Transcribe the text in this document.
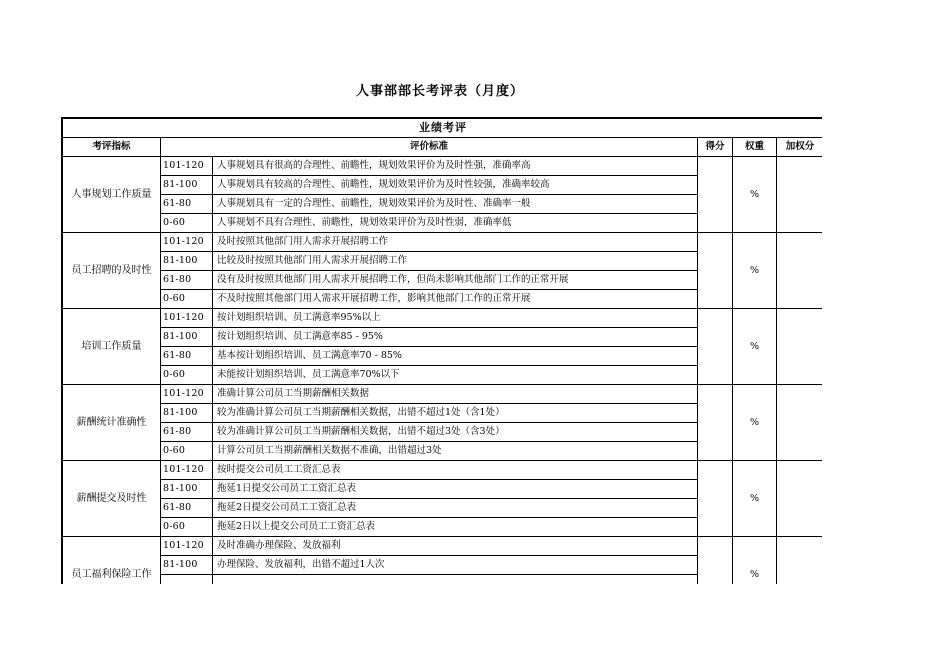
人事部部长考评表（月度）
业绩考评					
考评指标	评价标准		得分	权重	加权分
人事规划工作质量	101-120	人事规划具有很高的合理性、前瞻性，规划效果评价为及时性强，准确率高		%	
	81-100	人事规划具有较高的合理性、前瞻性，规划效果评价为及时性较强，准确率较高			
	61-80	人事规划具有一定的合理性、前瞻性，规划效果评价为及时性、准确率一般			
	0-60	人事规划不具有合理性、前瞻性，规划效果评价为及时性弱，准确率低			
员工招聘的及时性	101-120	及时按照其他部门用人需求开展招聘工作		%	
	81-100	比较及时按照其他部门用人需求开展招聘工作			
	61-80	没有及时按照其他部门用人需求开展招聘工作，但尚未影响其他部门工作的正常开展			
	0-60	不及时按照其他部门用人需求开展招聘工作，影响其他部门工作的正常开展			
培训工作质量	101-120	按计划组织培训、员工满意率95%以上		%	
	81-100	按计划组织培训、员工满意率85 - 95%			
	61-80	基本按计划组织培训、员工满意率70 - 85%			
	0-60	未能按计划组织培训、员工满意率70%以下			
薪酬统计准确性	101-120	准确计算公司员工当期薪酬相关数据		%	
	81-100	较为准确计算公司员工当期薪酬相关数据，出错不超过1处（含1处）			
	61-80	较为准确计算公司员工当期薪酬相关数据，出错不超过3处（含3处）			
	0-60	计算公司员工当期薪酬相关数据不准确，出错超过3处			
薪酬提交及时性	101-120	按时提交公司员工工资汇总表		%	
	81-100	拖延1日提交公司员工工资汇总表			
	61-80	拖延2日提交公司员工工资汇总表			
	0-60	拖延2日以上提交公司员工工资汇总表			
员工福利保险工作	101-120	及时准确办理保险、发放福利		%	
	81-100	办理保险、发放福利，出错不超过1人次			
